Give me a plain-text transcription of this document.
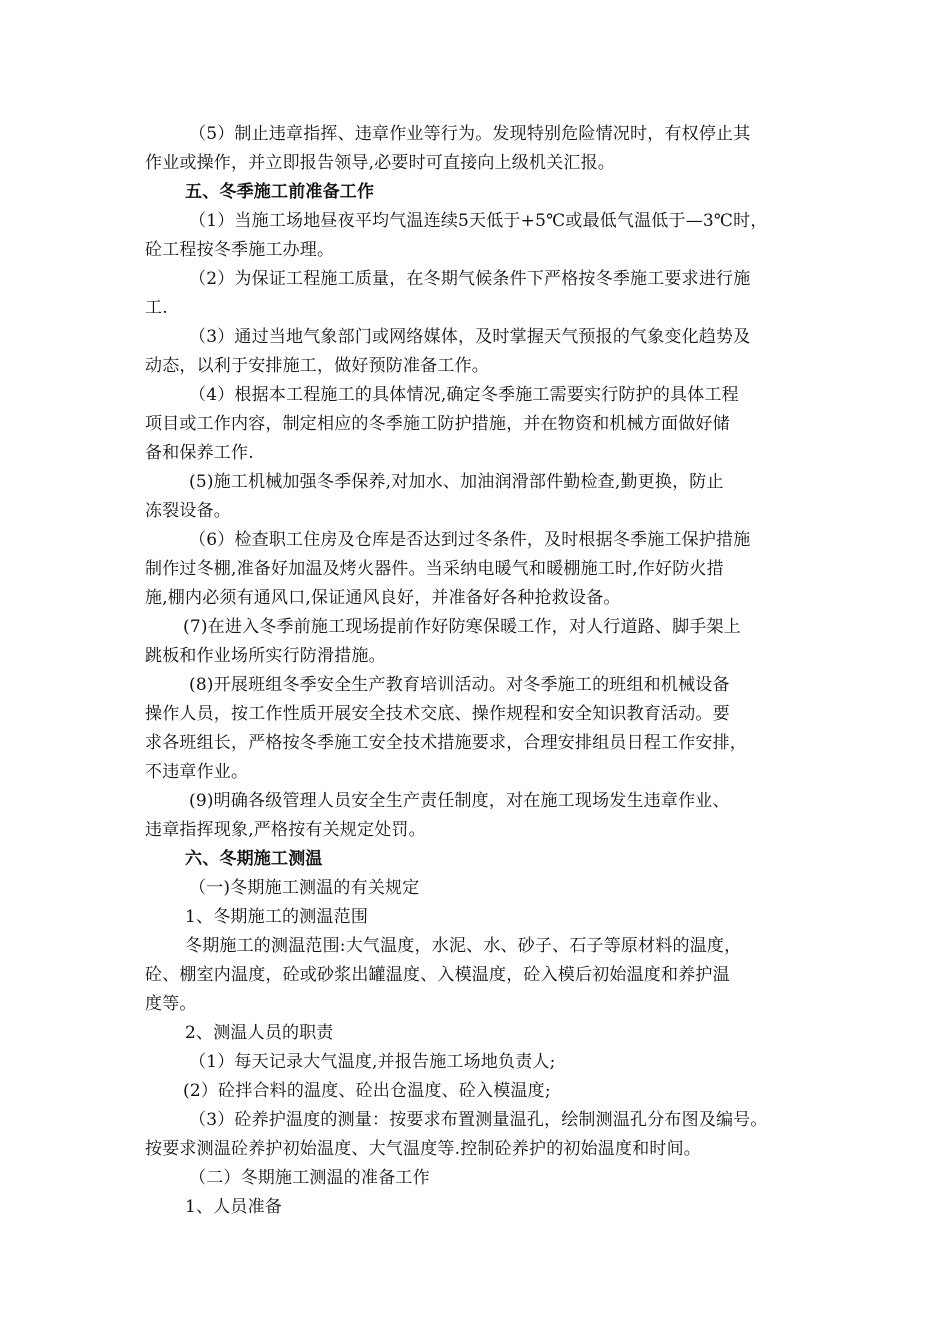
（5）制止违章指挥、违章作业等行为。发现特别危险情况时，有权停止其
作业或操作，并立即报告领导,必要时可直接向上级机关汇报。
五、冬季施工前准备工作
（1）当施工场地昼夜平均气温连续5天低于+5℃或最低气温低于—3℃时，
砼工程按冬季施工办理。
（2）为保证工程施工质量，在冬期气候条件下严格按冬季施工要求进行施
工.
（3）通过当地气象部门或网络媒体，及时掌握天气预报的气象变化趋势及
动态，以利于安排施工，做好预防准备工作。
（4）根据本工程施工的具体情况,确定冬季施工需要实行防护的具体工程
项目或工作内容，制定相应的冬季施工防护措施，并在物资和机械方面做好储
备和保养工作.
(5)施工机械加强冬季保养,对加水、加油润滑部件勤检查,勤更换，防止
冻裂设备。
（6）检查职工住房及仓库是否达到过冬条件，及时根据冬季施工保护措施
制作过冬棚,准备好加温及烤火器件。当采纳电暖气和暖棚施工时,作好防火措
施,棚内必须有通风口,保证通风良好，并准备好各种抢救设备。
(7)在进入冬季前施工现场提前作好防寒保暖工作，对人行道路、脚手架上
跳板和作业场所实行防滑措施。
(8)开展班组冬季安全生产教育培训活动。对冬季施工的班组和机械设备
操作人员，按工作性质开展安全技术交底、操作规程和安全知识教育活动。要
求各班组长，严格按冬季施工安全技术措施要求，合理安排组员日程工作安排，
不违章作业。
(9)明确各级管理人员安全生产责任制度，对在施工现场发生违章作业、
违章指挥现象,严格按有关规定处罚。
六、冬期施工测温
（一)冬期施工测温的有关规定
1、冬期施工的测温范围
冬期施工的测温范围:大气温度，水泥、水、砂子、石子等原材料的温度，
砼、棚室内温度，砼或砂浆出罐温度、入模温度，砼入模后初始温度和养护温
度等。
2、测温人员的职责
（1）每天记录大气温度,并报告施工场地负责人;
(2）砼拌合料的温度、砼出仓温度、砼入模温度;
（3）砼养护温度的测量：按要求布置测量温孔，绘制测温孔分布图及编号。
按要求测温砼养护初始温度、大气温度等.控制砼养护的初始温度和时间。
（二）冬期施工测温的准备工作
1、人员准备
